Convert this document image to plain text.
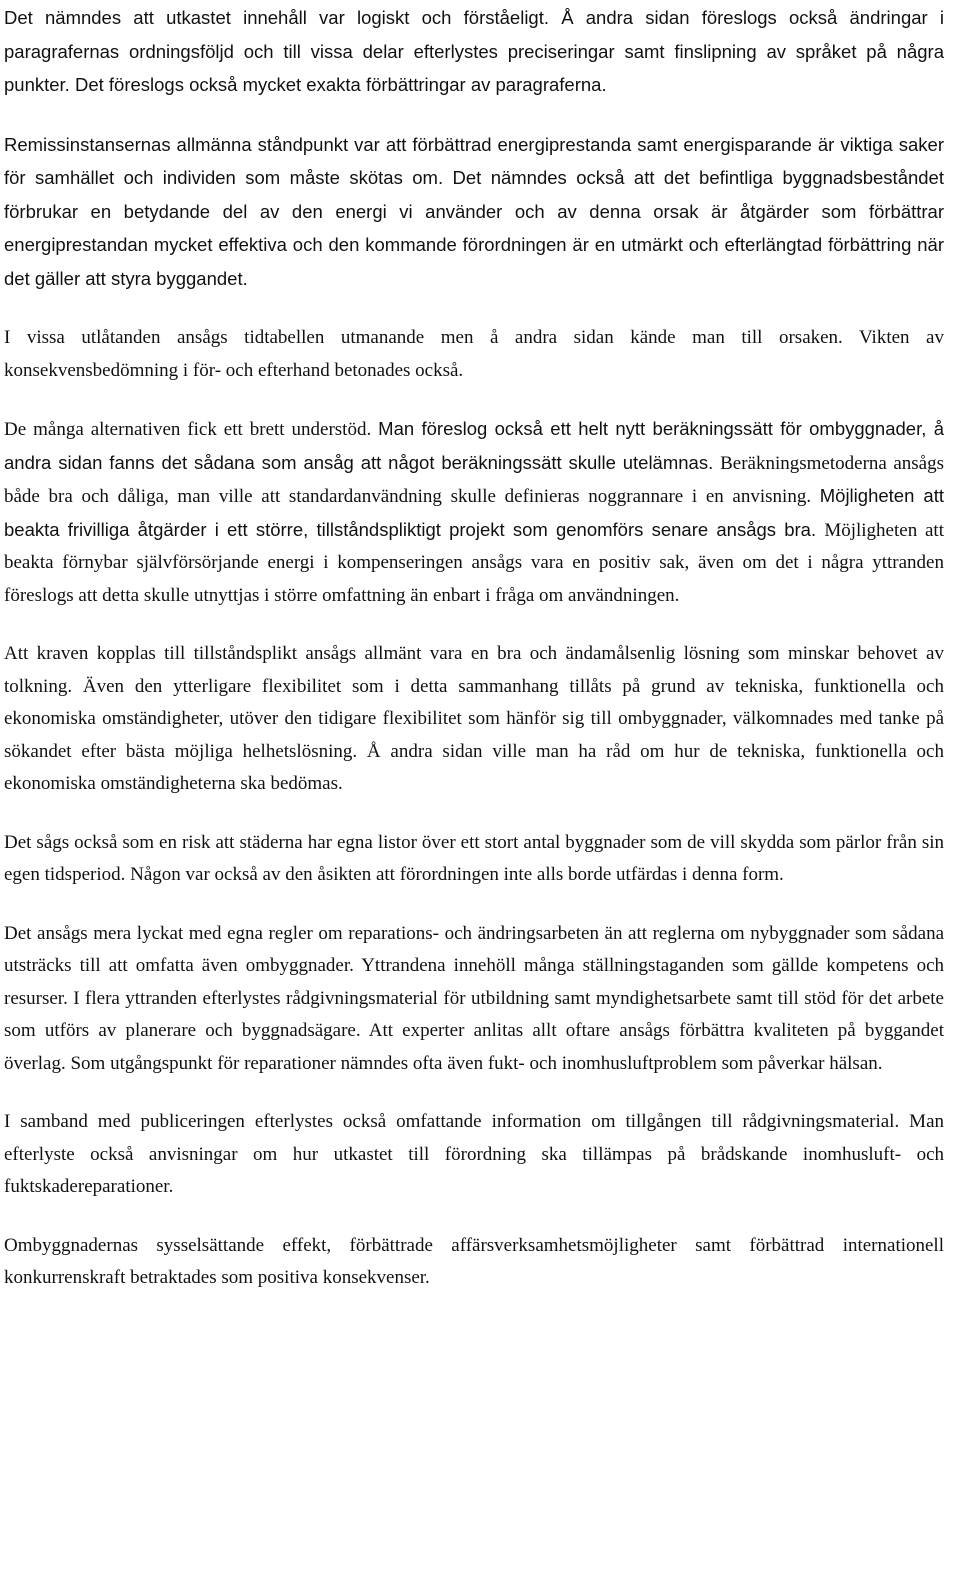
Det nämndes att utkastet innehåll var logiskt och förståeligt. Å andra sidan föreslogs också ändringar i paragrafernas ordningsföljd och till vissa delar efterlystes preciseringar samt finslipning av språket på några punkter. Det föreslogs också mycket exakta förbättringar av paragraferna.

Remissinstansernas allmänna ståndpunkt var att förbättrad energiprestanda samt energisparande är viktiga saker för samhället och individen som måste skötas om. Det nämndes också att det befintliga byggnadsbeståndet förbrukar en betydande del av den energi vi använder och av denna orsak är åtgärder som förbättrar energiprestandan mycket effektiva och den kommande förordningen är en utmärkt och efterlängtad förbättring när det gäller att styra byggandet.

I vissa utlåtanden ansågs tidtabellen utmanande men å andra sidan kände man till orsaken. Vikten av konsekvensbedömning i för- och efterhand betonades också.

De många alternativen fick ett brett understöd. Man föreslog också ett helt nytt beräkningssätt för ombyggnader, å andra sidan fanns det sådana som ansåg att något beräkningssätt skulle utelämnas. Beräkningsmetoderna ansågs både bra och dåliga, man ville att standardanvändning skulle definieras noggrannare i en anvisning. Möjligheten att beakta frivilliga åtgärder i ett större, tillståndspliktigt projekt som genomförs senare ansågs bra. Möjligheten att beakta förnybar självförsörjande energi i kompenseringen ansågs vara en positiv sak, även om det i några yttranden föreslogs att detta skulle utnyttjas i större omfattning än enbart i fråga om användningen.

Att kraven kopplas till tillståndsplikt ansågs allmänt vara en bra och ändamålsenlig lösning som minskar behovet av tolkning. Även den ytterligare flexibilitet som i detta sammanhang tillåts på grund av tekniska, funktionella och ekonomiska omständigheter, utöver den tidigare flexibilitet som hänför sig till ombyggnader, välkomnades med tanke på sökandet efter bästa möjliga helhetslösning. Å andra sidan ville man ha råd om hur de tekniska, funktionella och ekonomiska omständigheterna ska bedömas.

Det sågs också som en risk att städerna har egna listor över ett stort antal byggnader som de vill skydda som pärlor från sin egen tidsperiod. Någon var också av den åsikten att förordningen inte alls borde utfärdas i denna form.

Det ansågs mera lyckat med egna regler om reparations- och ändringsarbeten än att reglerna om nybyggnader som sådana utsträcks till att omfatta även ombyggnader. Yttrandena innehöll många ställningstaganden som gällde kompetens och resurser. I flera yttranden efterlystes rådgivningsmaterial för utbildning samt myndighetsarbete samt till stöd för det arbete som utförs av planerare och byggnadsägare. Att experter anlitas allt oftare ansågs förbättra kvaliteten på byggandet överlag. Som utgångspunkt för reparationer nämndes ofta även fukt- och inomhusluftproblem som påverkar hälsan.

I samband med publiceringen efterlystes också omfattande information om tillgången till rådgivningsmaterial. Man efterlyste också anvisningar om hur utkastet till förordning ska tillämpas på brådskande inomhusluft- och fuktskadereparationer.

Ombyggnadernas sysselsättande effekt, förbättrade affärsverksamhetsmöjligheter samt förbättrad internationell konkurrenskraft betraktades som positiva konsekvenser.
